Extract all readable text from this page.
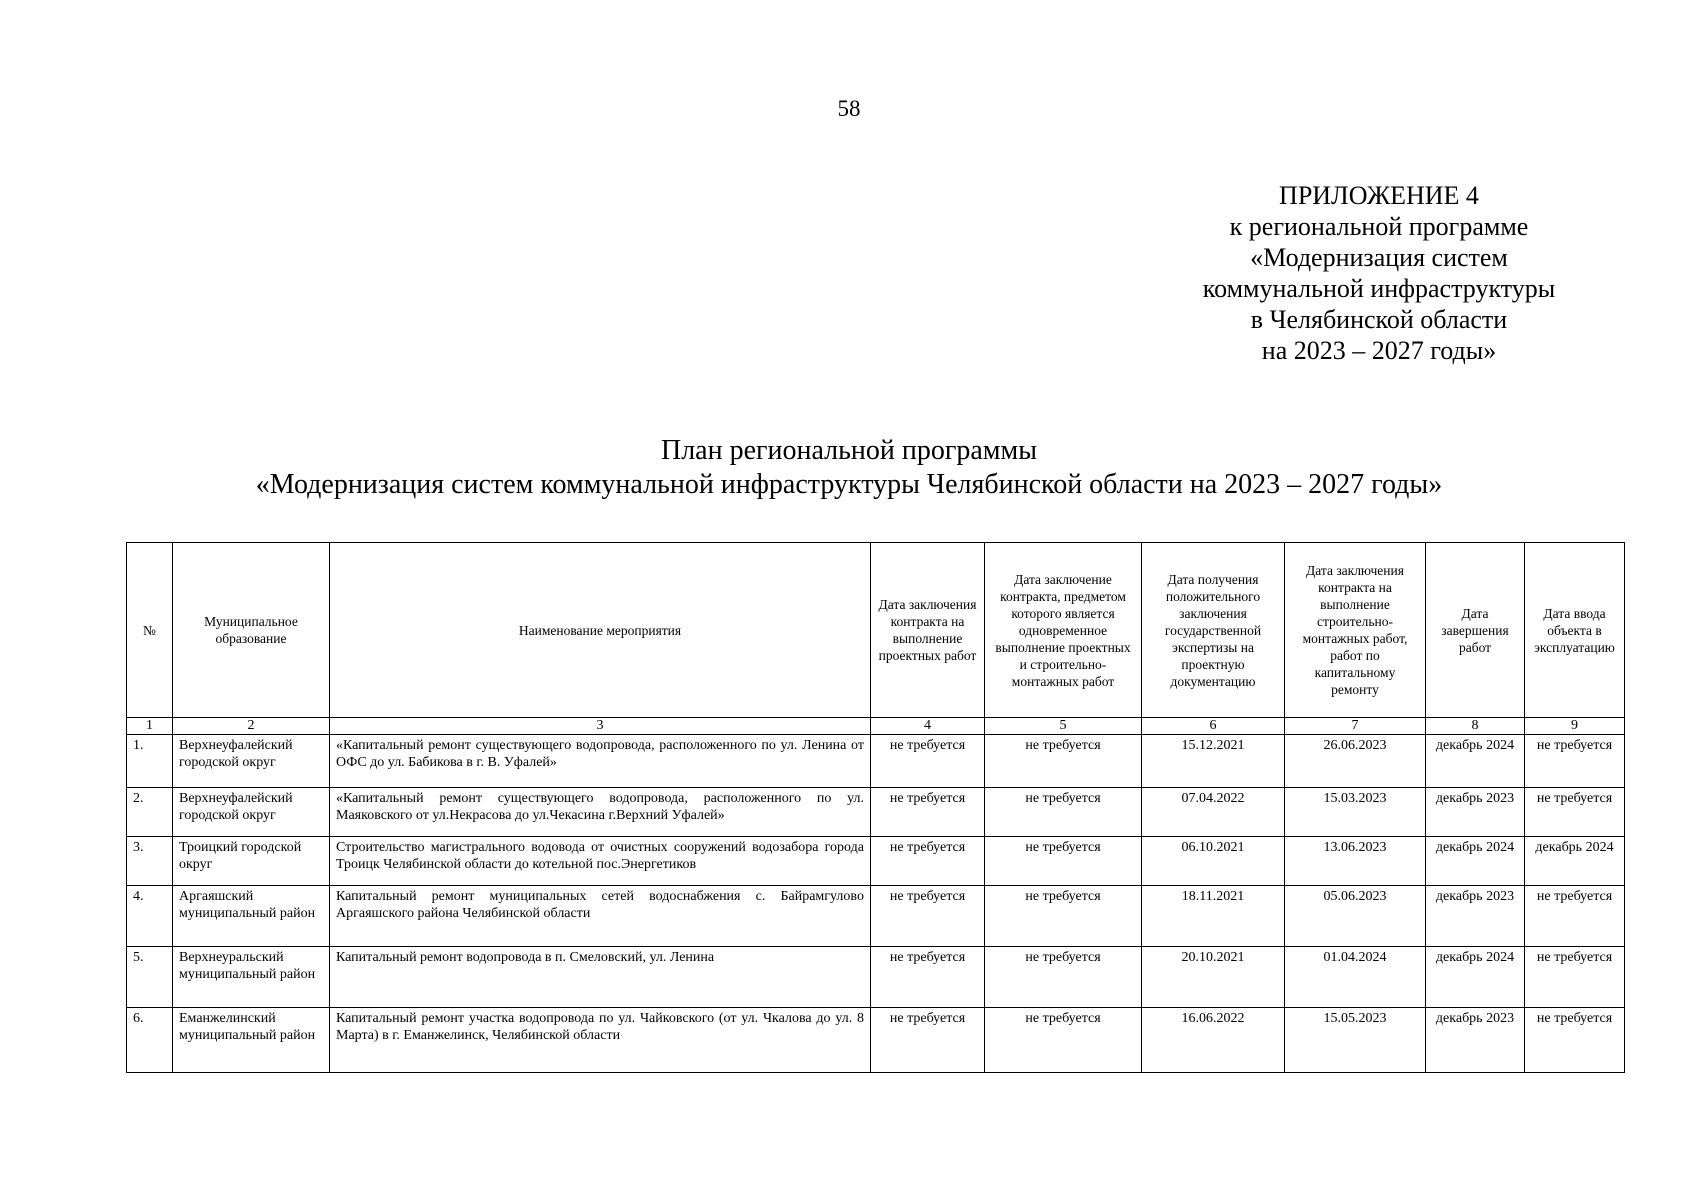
58
ПРИЛОЖЕНИЕ 4
к региональной программе
«Модернизация систем
коммунальной инфраструктуры
в Челябинской области
на 2023 – 2027 годы»
План региональной программы
«Модернизация систем коммунальной инфраструктуры Челябинской области на 2023 – 2027 годы»
№	Муниципальное образование	Наименование мероприятия	Дата заключения контракта на выполнение проектных работ	Дата заключение контракта, предметом которого является одновременное выполнение проектных и строительно-монтажных работ	Дата получения положительного заключения государственной экспертизы на проектную документацию	Дата заключения контракта на выполнение строительно-монтажных работ, работ по капитальному ремонту	Дата завершения работ	Дата ввода объекта в эксплуатацию
1	2	3	4	5	6	7	8	9
1.	Верхнеуфалейский городской округ	«Капитальный ремонт существующего водопровода, расположенного по ул. Ленина от ОФС до ул. Бабикова в г. В. Уфалей»	не требуется	не требуется	15.12.2021	26.06.2023	декабрь 2024	не требуется
2.	Верхнеуфалейский городской округ	«Капитальный ремонт существующего водопровода, расположенного по ул. Маяковского от ул.Некрасова до ул.Чекасина г.Верхний Уфалей»	не требуется	не требуется	07.04.2022	15.03.2023	декабрь 2023	не требуется
3.	Троицкий городской округ	Строительство магистрального водовода от очистных сооружений водозабора города Троицк Челябинской области до котельной пос.Энергетиков	не требуется	не требуется	06.10.2021	13.06.2023	декабрь 2024	декабрь 2024
4.	Аргаяшский муниципальный район	Капитальный ремонт муниципальных сетей водоснабжения с. Байрамгуловo Аргаяшского района Челябинской области	не требуется	не требуется	18.11.2021	05.06.2023	декабрь 2023	не требуется
5.	Верхнеуральский муниципальный район	Капитальный ремонт водопровода в п. Смеловский, ул. Ленина	не требуется	не требуется	20.10.2021	01.04.2024	декабрь 2024	не требуется
6.	Еманжелинский муниципальный район	Капитальный ремонт участка водопровода по ул. Чайковского (от ул. Чкалова до ул. 8 Марта) в г. Еманжелинск, Челябинской области	не требуется	не требуется	16.06.2022	15.05.2023	декабрь 2023	не требуется
